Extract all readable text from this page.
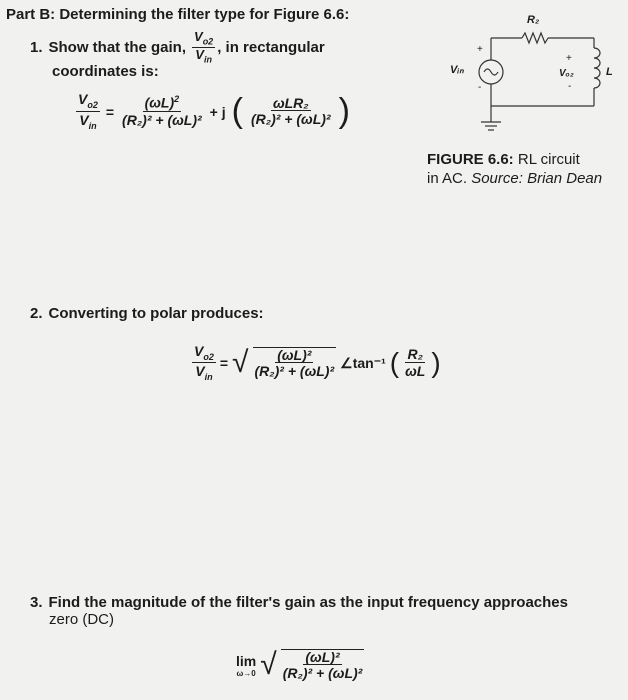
Part B: Determining the filter type for Figure 6.6:
1. Show that the gain, $\frac{V_{o2}}{V_{in}}$ , in rectangular
coordinates is:
$\frac{V_{o2}}{V_{in}} = \frac{(\omega L)^2}{\text{(R₂)² + (ωL)²}} + j$ ( $\frac{\text{ωLR₂}}{\text{(R₂)² + (ωL)²}}$ )
R₂
Vᵢₙ
+
-
+
Vₒ₂
-
L
FIGURE 6.6: RL circuit
in AC. Source: Brian Dean
2. Converting to polar produces:
$\frac{V_{o2}}{V_{in}}$ = √ $\frac{\text{(ωL)²}}{\text{(R₂)² + (ωL)²}}$ ∠tan⁻¹ ( $\frac{\text{R₂}}{\omega L}$ )
3. Find the magnitude of the filter's gain as the input frequency approaches
zero (DC)
lim
ω→0 √ $\frac{\text{(ωL)²}}{\text{(R₂)² + (ωL)²}}$
